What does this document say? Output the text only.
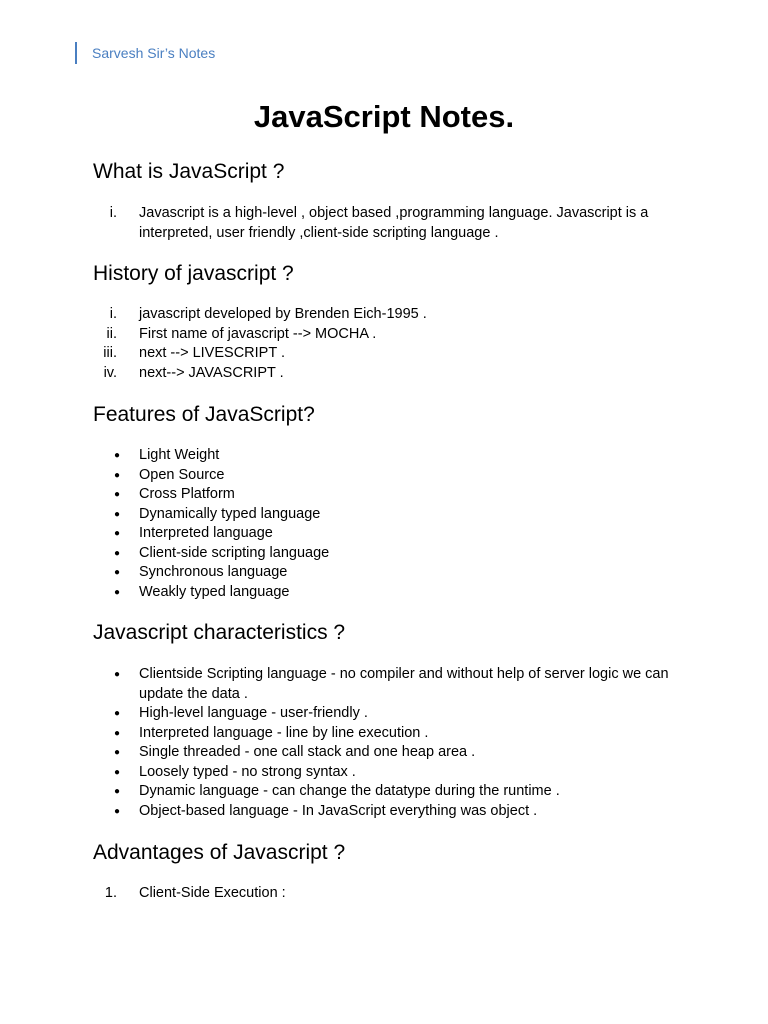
Sarvesh Sir’s Notes
JavaScript Notes.
What is JavaScript ?
i. Javascript is a high-level , object based ,programming language. Javascript is a interpreted, user friendly ,client-side scripting language .
History of javascript ?
i. javascript developed by Brenden Eich-1995 .
ii. First name of javascript --> MOCHA .
iii. next --> LIVESCRIPT .
iv. next--> JAVASCRIPT .
Features of JavaScript?
● Light Weight
● Open Source
● Cross Platform
● Dynamically typed language
● Interpreted language
● Client-side scripting language
● Synchronous language
● Weakly typed language
Javascript characteristics ?
● Clientside Scripting language - no compiler and without help of server logic we can update the data .
● High-level language - user-friendly .
● Interpreted language - line by line execution .
● Single threaded - one call stack and one heap area .
● Loosely typed - no strong syntax .
● Dynamic language - can change the datatype during the runtime .
● Object-based language - In JavaScript everything was object .
Advantages of Javascript ?
1. Client-Side Execution :
